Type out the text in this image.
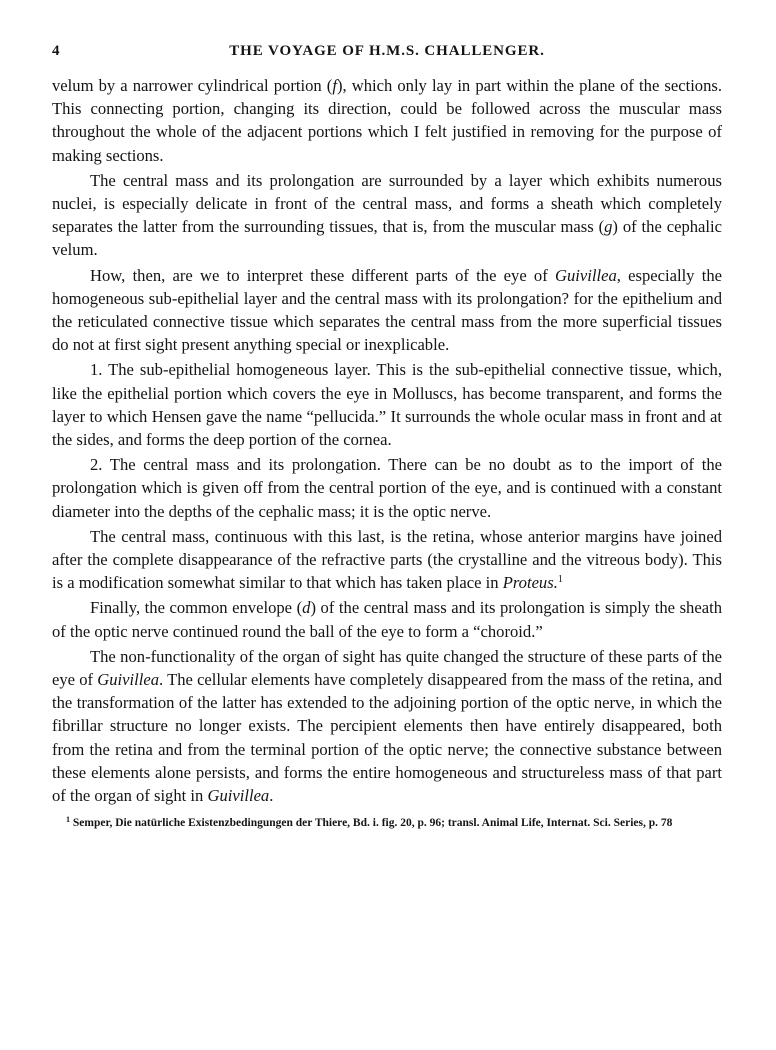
4	THE VOYAGE OF H.M.S. CHALLENGER.

velum by a narrower cylindrical portion (f), which only lay in part within the plane of the sections. This connecting portion, changing its direction, could be followed across the muscular mass throughout the whole of the adjacent portions which I felt justified in removing for the purpose of making sections.

The central mass and its prolongation are surrounded by a layer which exhibits numerous nuclei, is especially delicate in front of the central mass, and forms a sheath which completely separates the latter from the surrounding tissues, that is, from the muscular mass (g) of the cephalic velum.

How, then, are we to interpret these different parts of the eye of Guivillea, especially the homogeneous sub-epithelial layer and the central mass with its prolongation? for the epithelium and the reticulated connective tissue which separates the central mass from the more superficial tissues do not at first sight present anything special or inexplicable.

1. The sub-epithelial homogeneous layer. This is the sub-epithelial connective tissue, which, like the epithelial portion which covers the eye in Molluscs, has become transparent, and forms the layer to which Hensen gave the name “pellucida.” It surrounds the whole ocular mass in front and at the sides, and forms the deep portion of the cornea.

2. The central mass and its prolongation. There can be no doubt as to the import of the prolongation which is given off from the central portion of the eye, and is continued with a constant diameter into the depths of the cephalic mass; it is the optic nerve.

The central mass, continuous with this last, is the retina, whose anterior margins have joined after the complete disappearance of the refractive parts (the crystalline and the vitreous body). This is a modification somewhat similar to that which has taken place in Proteus.$^1$

Finally, the common envelope (d) of the central mass and its prolongation is simply the sheath of the optic nerve continued round the ball of the eye to form a “choroid.”

The non-functionality of the organ of sight has quite changed the structure of these parts of the eye of Guivillea. The cellular elements have completely disappeared from the mass of the retina, and the transformation of the latter has extended to the adjoining portion of the optic nerve, in which the fibrillar structure no longer exists. The percipient elements then have entirely disappeared, both from the retina and from the terminal portion of the optic nerve; the connective substance between these elements alone persists, and forms the entire homogeneous and structureless mass of that part of the organ of sight in Guivillea.

$^1$ Semper, Die natürliche Existenzbedingungen der Thiere, Bd. i. fig. 20, p. 96; transl. Animal Life, Internat. Sci. Series, p. 78
